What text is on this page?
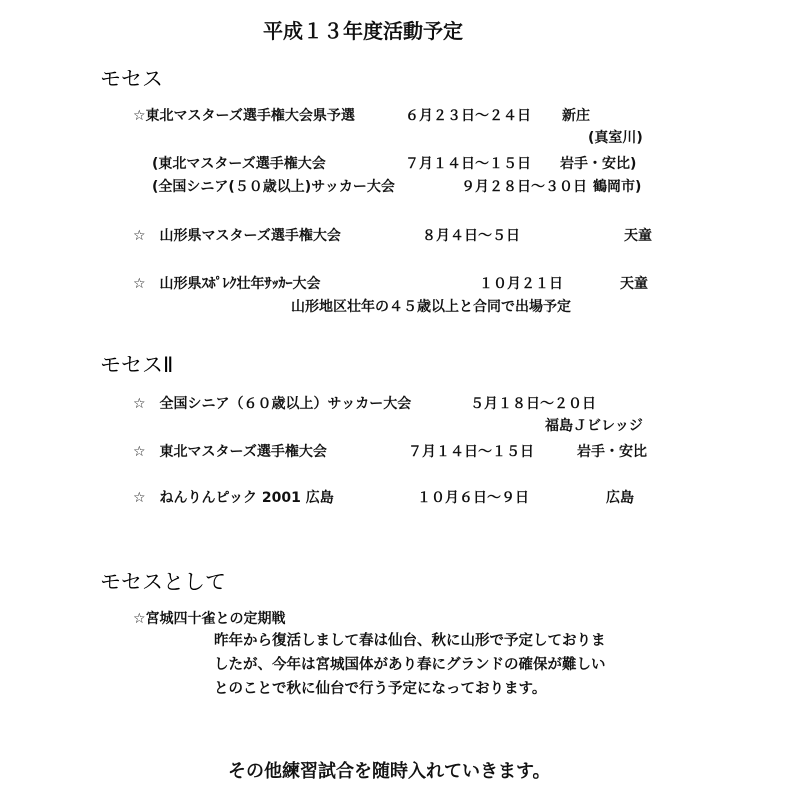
平成１３年度活動予定
モセス
☆東北マスターズ選手権大会県予選	６月２３日～２４日 新庄
(真室川)
(東北マスターズ選手権大会	７月１４日～１５日 岩手・安比)
(全国シニア(５０歳以上)サッカー大会	９月２８日～３０日 鶴岡市)
☆　山形県マスターズ選手権大会	８月４日～５日	天童
☆　山形県ｽﾎﾟﾚｸ壮年ｻｯｶｰ大会	１０月２１日	天童
山形地区壮年の４５歳以上と合同で出場予定
モセスⅡ
☆　全国シニア（６０歳以上）サッカー大会	５月１８日～２０日
福島Ｊビレッジ
☆　東北マスターズ選手権大会	７月１４日～１５日	岩手・安比
☆　ねんりんピック 2001 広島	１０月６日～９日	広島
モセスとして
☆宮城四十雀との定期戦
昨年から復活しまして春は仙台、秋に山形で予定しておりま
したが、今年は宮城国体があり春にグランドの確保が難しい
とのことで秋に仙台で行う予定になっております。
その他練習試合を随時入れていきます。
